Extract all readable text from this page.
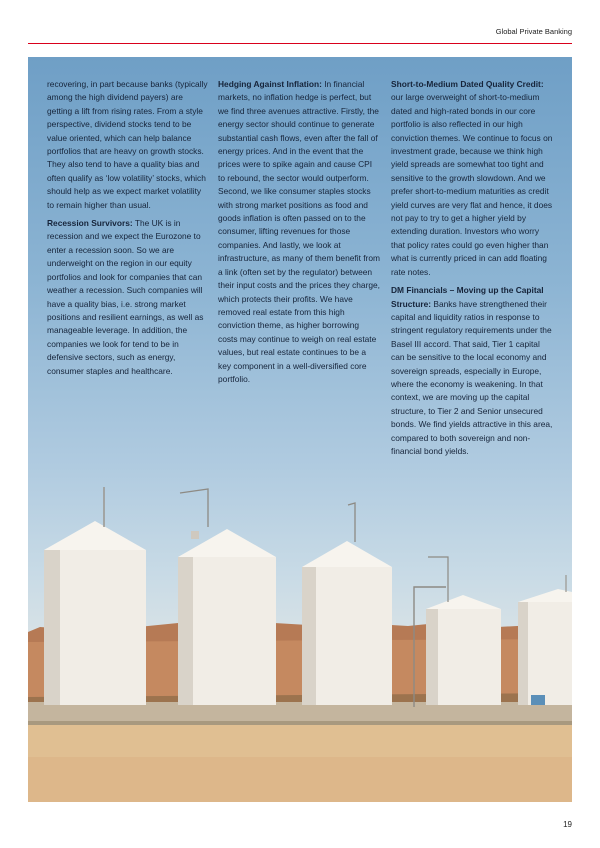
Global Private Banking

recovering, in part because banks (typically among the high dividend payers) are getting a lift from rising rates. From a style perspective, dividend stocks tend to be value oriented, which can help balance portfolios that are heavy on growth stocks. They also tend to have a quality bias and often qualify as ‘low volatility’ stocks, which should help as we expect market volatility to remain higher than usual.

Recession Survivors: The UK is in recession and we expect the Eurozone to enter a recession soon. So we are underweight on the region in our equity portfolios and look for companies that can weather a recession. Such companies will have a quality bias, i.e. strong market positions and resilient earnings, as well as manageable leverage. In addition, the companies we look for tend to be in defensive sectors, such as energy, consumer staples and healthcare.

Hedging Against Inflation: In financial markets, no inflation hedge is perfect, but we find three avenues attractive. Firstly, the energy sector should continue to generate substantial cash flows, even after the fall of energy prices. And in the event that the prices were to spike again and cause CPI to rebound, the sector would outperform. Second, we like consumer staples stocks with strong market positions as food and goods inflation is often passed on to the consumer, lifting revenues for those companies. And lastly, we look at infrastructure, as many of them benefit from a link (often set by the regulator) between their input costs and the prices they charge, which protects their profits. We have removed real estate from this high conviction theme, as higher borrowing costs may continue to weigh on real estate values, but real estate continues to be a key component in a well-diversified core portfolio.

Short-to-Medium Dated Quality Credit: our large overweight of short-to-medium dated and high-rated bonds in our core portfolio is also reflected in our high conviction themes. We continue to focus on investment grade, because we think high yield spreads are somewhat too tight and sensitive to the growth slowdown. And we prefer short-to-medium maturities as credit yield curves are very flat and hence, it does not pay to try to get a higher yield by extending duration. Investors who worry that policy rates could go even higher than what is currently priced in can add floating rate notes.

DM Financials – Moving up the Capital Structure: Banks have strengthened their capital and liquidity ratios in response to stringent regulatory requirements under the Basel III accord. That said, Tier 1 capital can be sensitive to the local economy and sovereign spreads, especially in Europe, where the economy is weakening. In that context, we are moving up the capital structure, to Tier 2 and Senior unsecured bonds. We find yields attractive in this area, compared to both sovereign and non-financial bond yields.

19
